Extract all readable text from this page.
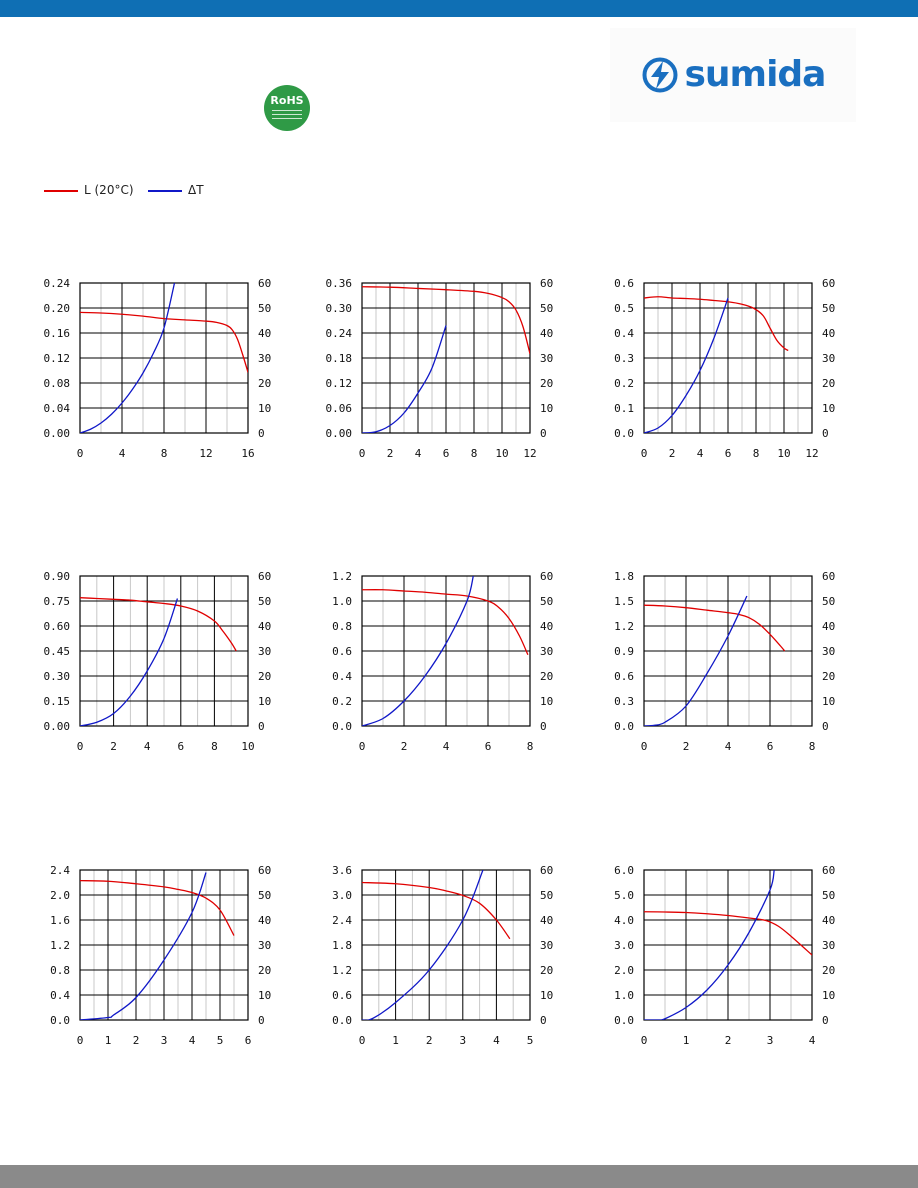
RoHS
sumida
L (20°C)	ΔT
0.00
0.04
0.08
0.12
0.16
0.20
0.24
0
10
20
30
40
50
60
0	4	8	12	16
0.00
0.06
0.12
0.18
0.24
0.30
0.36
0
10
20
30
40
50
60
0 2 4 6 8 10 12
0.0
0.1
0.2
0.3
0.4
0.5
0.6
0
10
20
30
40
50
60
0 2 4 6 8 10 12
0.00
0.15
0.30
0.45
0.60
0.75
0.90
0
10
20
30
40
50
60
0 2 4 6 8 10
0.0
0.2
0.4
0.6
0.8
1.0
1.2
0
10
20
30
40
50
60
0	2	4	6	8
0.0
0.3
0.6
0.9
1.2
1.5
1.8
0
10
20
30
40
50
60
0	2	4	6	8
0.0
0.4
0.8
1.2
1.6
2.0
2.4
0
10
20
30
40
50
60
0 1 2 3 4 5 6
0.0
0.6
1.2
1.8
2.4
3.0
3.6
0
10
20
30
40
50
60
0 1 2 3 4 5
0.0
1.0
2.0
3.0
4.0
5.0
6.0
0
10
20
30
40
50
60
0	1	2	3	4
